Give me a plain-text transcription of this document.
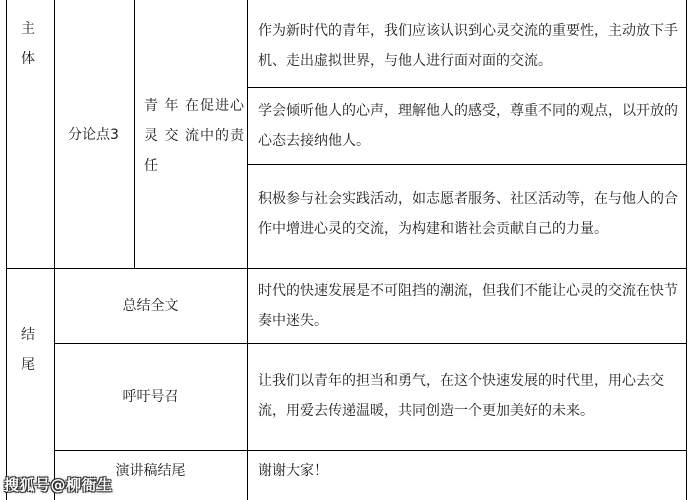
主
体
分论点3
青 年 在促进心灵 交 流中的责任
作为新时代的青年，我们应该认识到心灵交流的重要性，主动放下手机、走出虚拟世界，与他人进行面对面的交流。
学会倾听他人的心声，理解他人的感受，尊重不同的观点，以开放的心态去接纳他人。
积极参与社会实践活动，如志愿者服务、社区活动等，在与他人的合作中增进心灵的交流，为构建和谐社会贡献自己的力量。
结
尾
总结全文
时代的快速发展是不可阻挡的潮流，但我们不能让心灵的交流在快节奏中迷失。
呼吁号召
让我们以青年的担当和勇气，在这个快速发展的时代里，用心去交流，用爱去传递温暖，共同创造一个更加美好的未来。
演讲稿结尾	谢谢大家！
搜狐号@柳衙生
